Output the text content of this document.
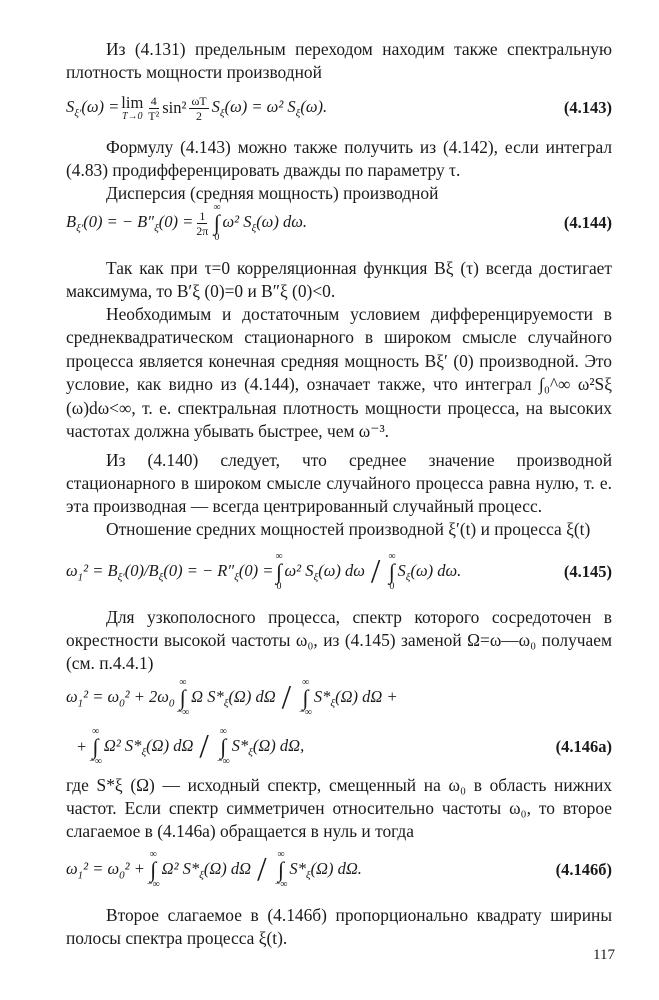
Из (4.131) предельным переходом находим также спектральную плотность мощности производной

$S_{\xi'}(\omega) = \lim$
$T\to 0 \frac{4}{\text{T²}} \sin^2 \frac{\omega T}{2} S_\xi(\omega) = \omega^2$ $S_\xi(\omega)$.	(4.143)

Формулу (4.143) можно также получить из (4.142), если интеграл (4.83) продифференцировать дважды по параметру τ.

Дисперсия (средняя мощность) производной

$B_{\xi'}(0)$ = − $B''_\xi(0) = \frac{1}{2\pi}$
∞
∫
0
ω² $S_\xi(\omega)$ dω.	(4.144)

Так как при τ=0 корреляционная функция Bξ (τ) всегда достигает максимума, то B′ξ (0)=0 и B″ξ (0)<0.

Необходимым и достаточным условием дифференцируемости в среднеквадратическом стационарного в широком смысле случайного процесса является конечная средняя мощность Bξ′ (0) производной. Это условие, как видно из (4.144), означает также, что интеграл ∫₀^∞ ω²Sξ (ω)dω<∞, т. е. спектральная плотность мощности процесса, на высоких частотах должна убывать быстрее, чем ω⁻³.

Из (4.140) следует, что среднее значение производной стационарного в широком смысле случайного процесса равна нулю, т. е. эта производная — всегда центрированный случайный процесс.

Отношение средних мощностей производной ξ′(t) и процесса ξ(t)

$\omega_1^2 = B_{\xi'}(0)/B_\xi(0)$ = − $R''_\xi(0)$ =
∞
∫
0
ω² $S_\xi(\omega)$ dω / ∞
∫
0
$S_\xi(\omega)$ dω.	(4.145)

Для узкополосного процесса, спектр которого сосредоточен в окрестности высокой частоты ω₀, из (4.145) заменой Ω=ω—ω₀ получаем (см. п.4.4.1)

$\omega_1^2 = \omega_0^2 + 2\omega_0$
∞
∫
−∞
Ω $S*_\xi(\Omega)$ dΩ / ∞
∫
−∞
$S*_\xi(\Omega) d\Omega$ +
+
∞
∫
−∞
Ω² $S*_\xi(\Omega)$ dΩ / ∞
∫
−∞
$S*_\xi(\Omega)$ dΩ,	(4.146а)

где S*ξ (Ω) — исходный спектр, смещенный на ω₀ в область нижних частот. Если спектр симметричен относительно частоты ω₀, то второе слагаемое в (4.146а) обращается в нуль и тогда

$\omega_1^2 = \omega_0^2$ +
∞
∫
−∞
Ω² $S*_\xi(\Omega)$ dΩ / ∞
∫
−∞
$S*_\xi(\Omega)$ dΩ.	(4.146б)

Второе слагаемое в (4.146б) пропорционально квадрату ширины полосы спектра процесса ξ(t).

117
